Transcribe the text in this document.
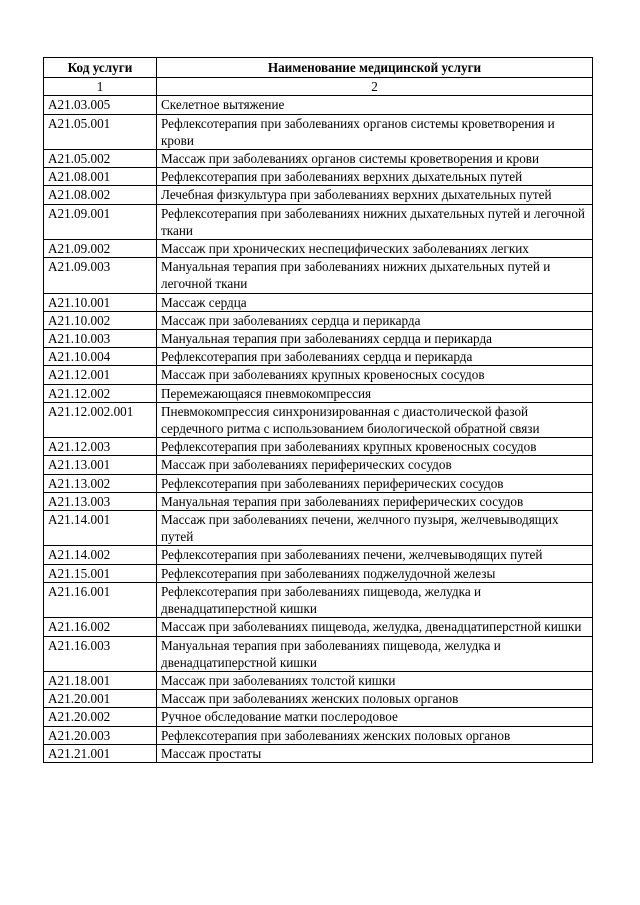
Код услуги	Наименование медицинской услуги
1	2
A21.03.005	Скелетное вытяжение
A21.05.001	Рефлексотерапия при заболеваниях органов системы кроветворения и крови
A21.05.002	Массаж при заболеваниях органов системы кроветворения и крови
A21.08.001	Рефлексотерапия при заболеваниях верхних дыхательных путей
A21.08.002	Лечебная физкультура при заболеваниях верхних дыхательных путей
A21.09.001	Рефлексотерапия при заболеваниях нижних дыхательных путей и легочной ткани
A21.09.002	Массаж при хронических неспецифических заболеваниях легких
A21.09.003	Мануальная терапия при заболеваниях нижних дыхательных путей и легочной ткани
A21.10.001	Массаж сердца
A21.10.002	Массаж при заболеваниях сердца и перикарда
A21.10.003	Мануальная терапия при заболеваниях сердца и перикарда
A21.10.004	Рефлексотерапия при заболеваниях сердца и перикарда
A21.12.001	Массаж при заболеваниях крупных кровеносных сосудов
A21.12.002	Перемежающаяся пневмокомпрессия
A21.12.002.001	Пневмокомпрессия синхронизированная с диастолической фазой сердечного ритма с использованием биологической обратной связи
A21.12.003	Рефлексотерапия при заболеваниях крупных кровеносных сосудов
A21.13.001	Массаж при заболеваниях периферических сосудов
A21.13.002	Рефлексотерапия при заболеваниях периферических сосудов
A21.13.003	Мануальная терапия при заболеваниях периферических сосудов
A21.14.001	Массаж при заболеваниях печени, желчного пузыря, желчевыводящих путей
A21.14.002	Рефлексотерапия при заболеваниях печени, желчевыводящих путей
A21.15.001	Рефлексотерапия при заболеваниях поджелудочной железы
A21.16.001	Рефлексотерапия при заболеваниях пищевода, желудка и двенадцатиперстной кишки
A21.16.002	Массаж при заболеваниях пищевода, желудка, двенадцатиперстной кишки
A21.16.003	Мануальная терапия при заболеваниях пищевода, желудка и двенадцатиперстной кишки
A21.18.001	Массаж при заболеваниях толстой кишки
A21.20.001	Массаж при заболеваниях женских половых органов
A21.20.002	Ручное обследование матки послеродовое
A21.20.003	Рефлексотерапия при заболеваниях женских половых органов
A21.21.001	Массаж простаты
